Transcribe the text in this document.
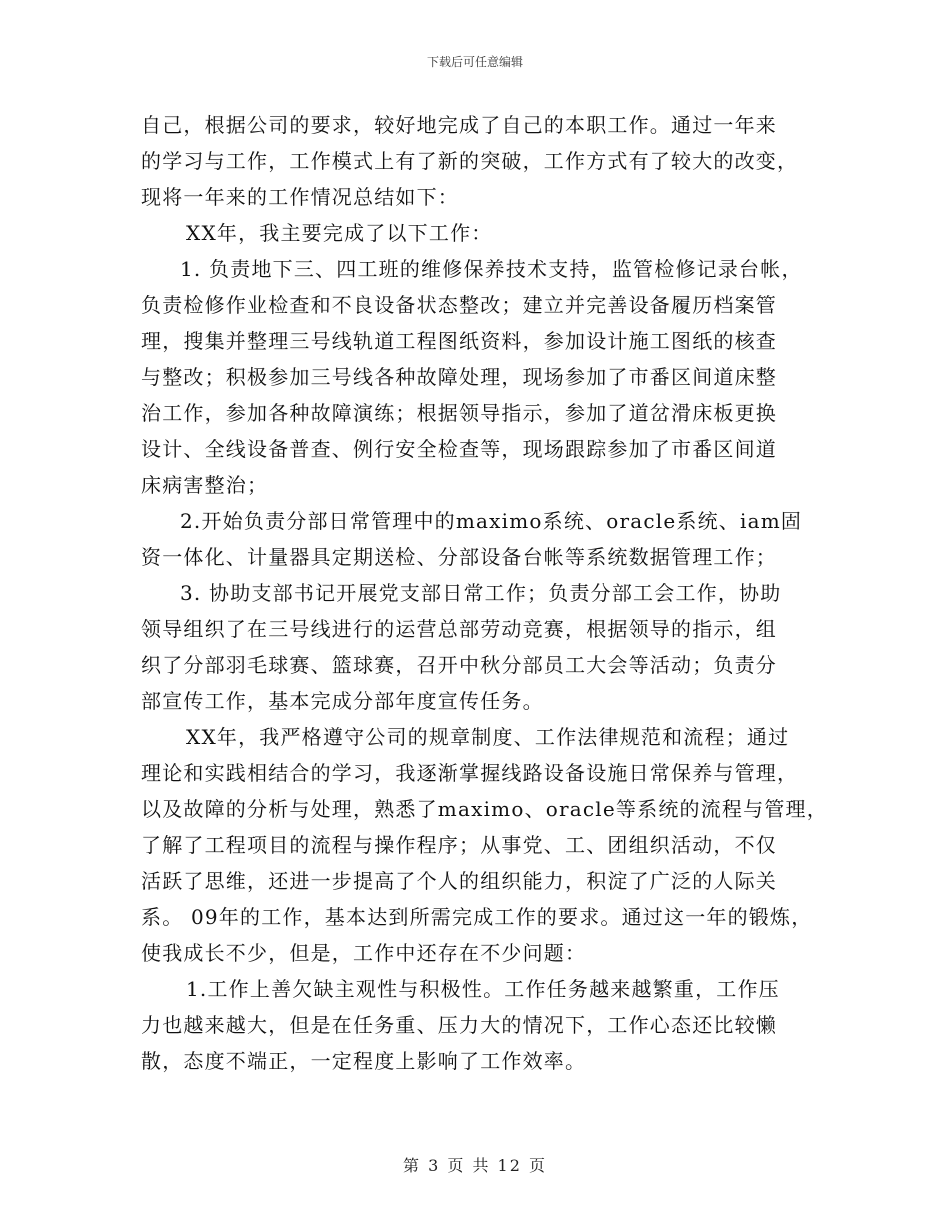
下载后可任意编辑
自己，根据公司的要求，较好地完成了自己的本职工作。通过一年来
的学习与工作，工作模式上有了新的突破，工作方式有了较大的改变，
现将一年来的工作情况总结如下：
XX年，我主要完成了以下工作：
1. 负责地下三、四工班的维修保养技术支持，监管检修记录台帐，
负责检修作业检查和不良设备状态整改；建立并完善设备履历档案管
理，搜集并整理三号线轨道工程图纸资料，参加设计施工图纸的核查
与整改；积极参加三号线各种故障处理，现场参加了市番区间道床整
治工作，参加各种故障演练；根据领导指示，参加了道岔滑床板更换
设计、全线设备普查、例行安全检查等，现场跟踪参加了市番区间道
床病害整治；
2.开始负责分部日常管理中的maximo系统、oracle系统、iam固
资一体化、计量器具定期送检、分部设备台帐等系统数据管理工作；
3. 协助支部书记开展党支部日常工作；负责分部工会工作，协助
领导组织了在三号线进行的运营总部劳动竞赛，根据领导的指示，组
织了分部羽毛球赛、篮球赛，召开中秋分部员工大会等活动；负责分
部宣传工作，基本完成分部年度宣传任务。
XX年，我严格遵守公司的规章制度、工作法律规范和流程；通过
理论和实践相结合的学习，我逐渐掌握线路设备设施日常保养与管理，
以及故障的分析与处理，熟悉了maximo、oracle等系统的流程与管理，
了解了工程项目的流程与操作程序；从事党、工、团组织活动，不仅
活跃了思维，还进一步提高了个人的组织能力，积淀了广泛的人际关
系。 09年的工作，基本达到所需完成工作的要求。通过这一年的锻炼，
使我成长不少，但是，工作中还存在不少问题：
1.工作上善欠缺主观性与积极性。工作任务越来越繁重，工作压
力也越来越大，但是在任务重、压力大的情况下，工作心态还比较懒
散，态度不端正，一定程度上影响了工作效率。
第 3 页 共 12 页
